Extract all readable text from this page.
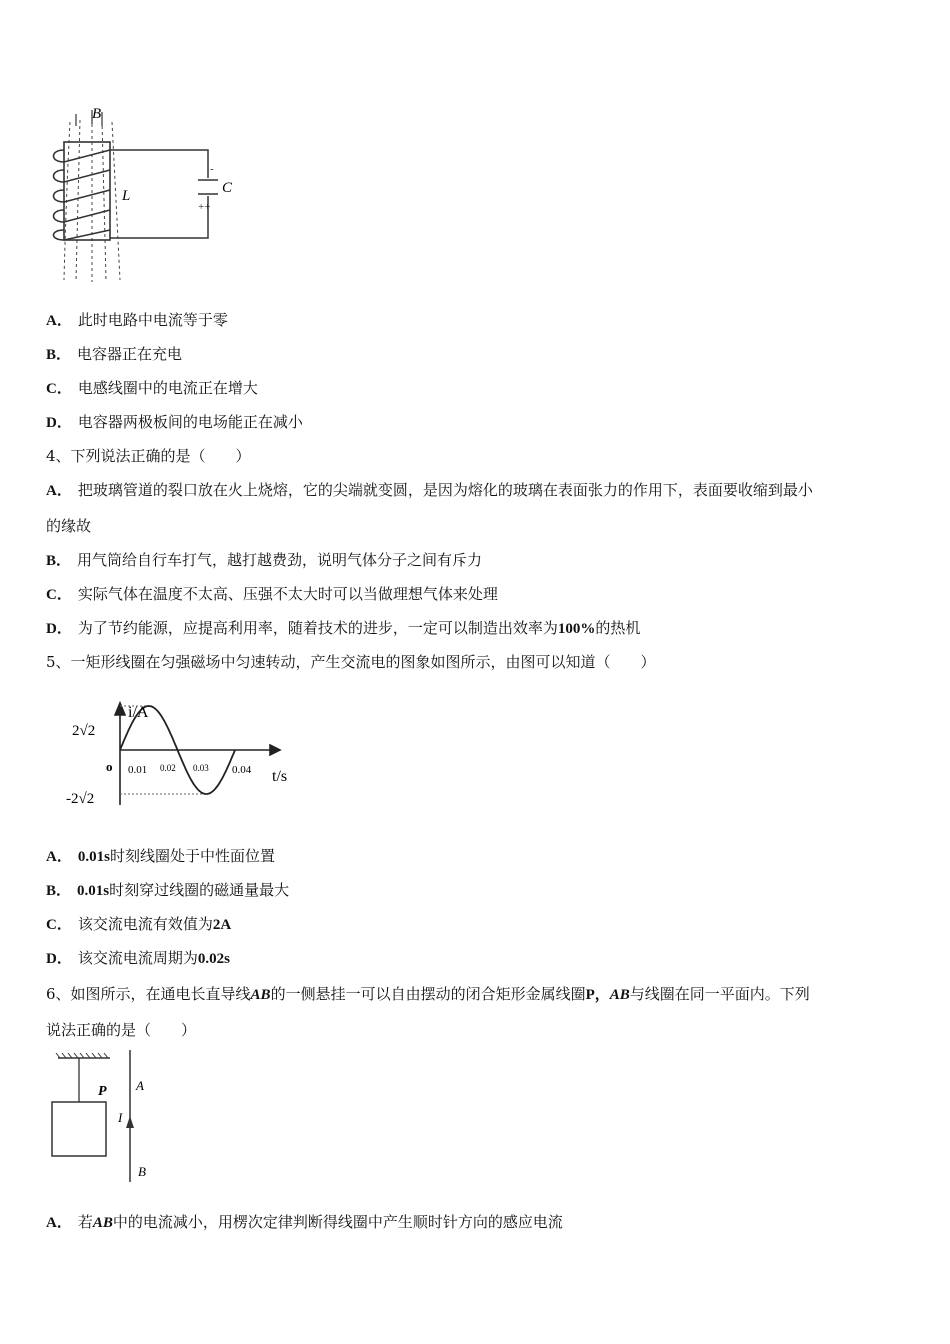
B
L
-
++
C
A． 此时电路中电流等于零
B． 电容器正在充电
C． 电感线圈中的电流正在增大
D． 电容器两极板间的电场能正在减小
4、下列说法正确的是（　　）
A． 把玻璃管道的裂口放在火上烧熔，它的尖端就变圆，是因为熔化的玻璃在表面张力的作用下，表面要收缩到最小
的缘故
B． 用气筒给自行车打气，越打越费劲，说明气体分子之间有斥力
C． 实际气体在温度不太高、压强不太大时可以当做理想气体来处理
D． 为了节约能源，应提高利用率，随着技术的进步，一定可以制造出效率为100%的热机
5、一矩形线圈在匀强磁场中匀速转动，产生交流电的图象如图所示，由图可以知道（　　）
i/A
t/s
o
2√2
-2√2
0.01 0.02 0.03 0.04
A． 0.01s时刻线圈处于中性面位置
B． 0.01s时刻穿过线圈的磁通量最大
C． 该交流电流有效值为2A
D． 该交流电流周期为0.02s
6、如图所示，在通电长直导线AB的一侧悬挂一可以自由摆动的闭合矩形金属线圈P，AB与线圈在同一平面内。下列
说法正确的是（　　）
P A
I
B
A． 若AB中的电流减小，用楞次定律判断得线圈中产生顺时针方向的感应电流
